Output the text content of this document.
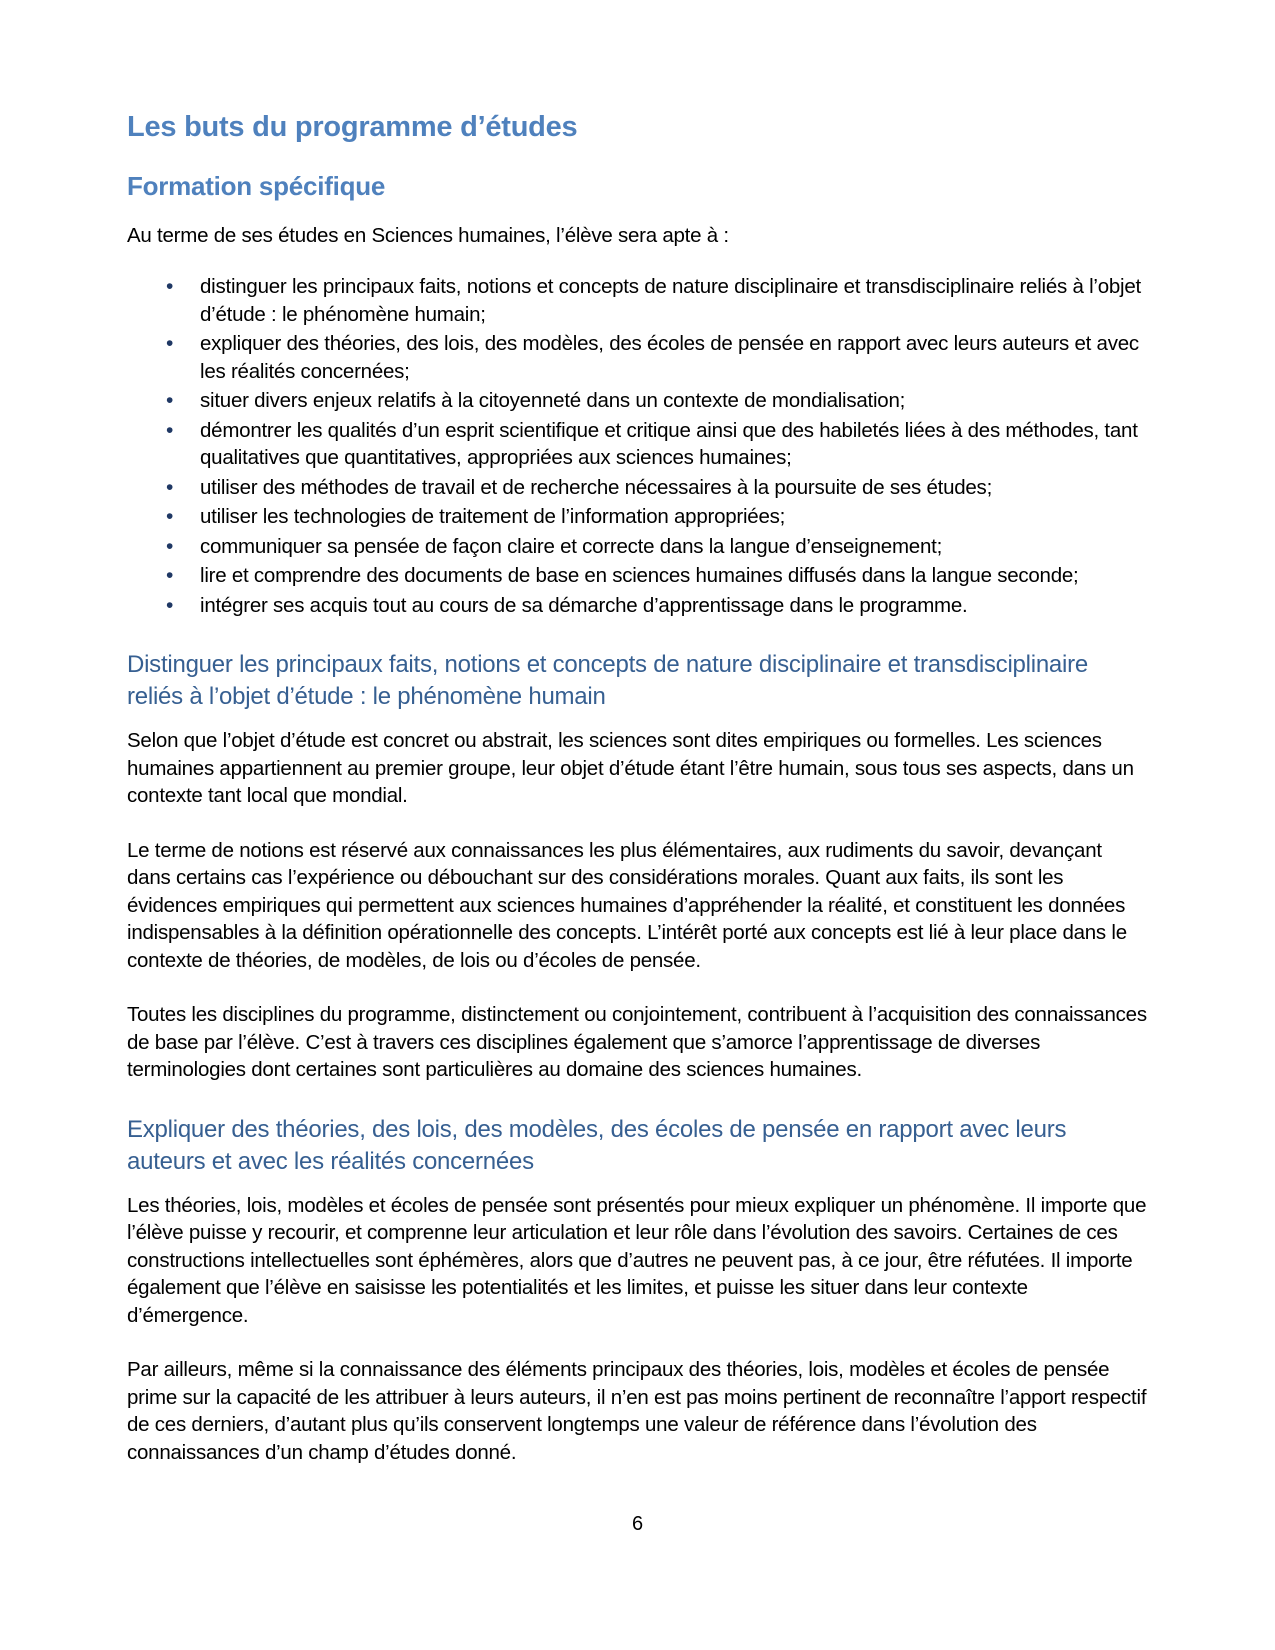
Les buts du programme d’études
Formation spécifique

Au terme de ses études en Sciences humaines, l’élève sera apte à :

• distinguer les principaux faits, notions et concepts de nature disciplinaire et transdisciplinaire reliés à l’objet d’étude : le phénomène humain;
• expliquer des théories, des lois, des modèles, des écoles de pensée en rapport avec leurs auteurs et avec les réalités concernées;
• situer divers enjeux relatifs à la citoyenneté dans un contexte de mondialisation;
• démontrer les qualités d’un esprit scientifique et critique ainsi que des habiletés liées à des méthodes, tant qualitatives que quantitatives, appropriées aux sciences humaines;
• utiliser des méthodes de travail et de recherche nécessaires à la poursuite de ses études;
• utiliser les technologies de traitement de l’information appropriées;
• communiquer sa pensée de façon claire et correcte dans la langue d’enseignement;
• lire et comprendre des documents de base en sciences humaines diffusés dans la langue seconde;
• intégrer ses acquis tout au cours de sa démarche d’apprentissage dans le programme.
Distinguer les principaux faits, notions et concepts de nature disciplinaire et transdisciplinaire reliés à l’objet d’étude : le phénomène humain

Selon que l’objet d’étude est concret ou abstrait, les sciences sont dites empiriques ou formelles. Les sciences humaines appartiennent au premier groupe, leur objet d’étude étant l’être humain, sous tous ses aspects, dans un contexte tant local que mondial.

Le terme de notions est réservé aux connaissances les plus élémentaires, aux rudiments du savoir, devançant dans certains cas l’expérience ou débouchant sur des considérations morales. Quant aux faits, ils sont les évidences empiriques qui permettent aux sciences humaines d’appréhender la réalité, et constituent les données indispensables à la définition opérationnelle des concepts. L’intérêt porté aux concepts est lié à leur place dans le contexte de théories, de modèles, de lois ou d’écoles de pensée.

Toutes les disciplines du programme, distinctement ou conjointement, contribuent à l’acquisition des connaissances de base par l’élève. C’est à travers ces disciplines également que s’amorce l’apprentissage de diverses terminologies dont certaines sont particulières au domaine des sciences humaines.

Expliquer des théories, des lois, des modèles, des écoles de pensée en rapport avec leurs auteurs et avec les réalités concernées

Les théories, lois, modèles et écoles de pensée sont présentés pour mieux expliquer un phénomène. Il importe que l’élève puisse y recourir, et comprenne leur articulation et leur rôle dans l’évolution des savoirs. Certaines de ces constructions intellectuelles sont éphémères, alors que d’autres ne peuvent pas, à ce jour, être réfutées. Il importe également que l’élève en saisisse les potentialités et les limites, et puisse les situer dans leur contexte d’émergence.

Par ailleurs, même si la connaissance des éléments principaux des théories, lois, modèles et écoles de pensée prime sur la capacité de les attribuer à leurs auteurs, il n’en est pas moins pertinent de reconnaître l’apport respectif de ces derniers, d’autant plus qu’ils conservent longtemps une valeur de référence dans l’évolution des connaissances d’un champ d’études donné.

6
